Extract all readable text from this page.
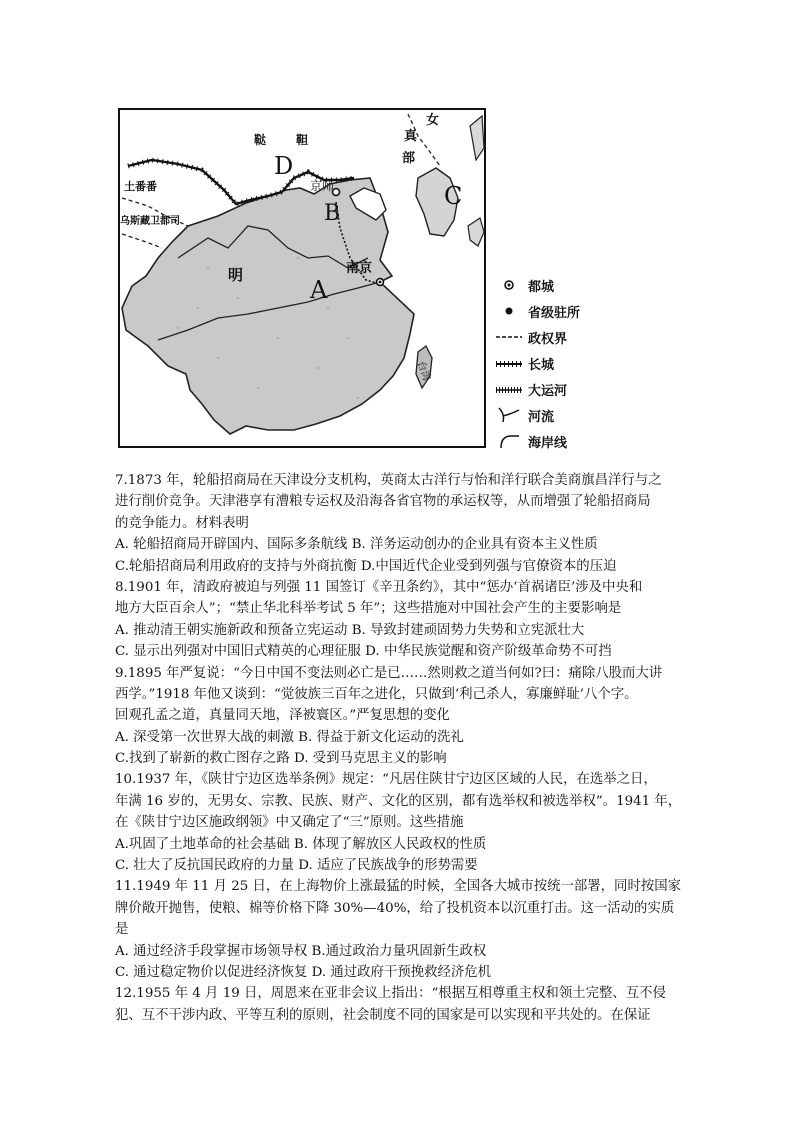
土番番
乌斯藏卫都司
鞑 靼
女
真
部
京师
明	南京
台湾
A
B
C
D
都城
省级驻所
政权界
长城
大运河
河流
海岸线
7.1873 年，轮船招商局在天津设分支机构，英商太古洋行与怡和洋行联合美商旗昌洋行与之
进行削价竞争。天津港享有漕粮专运权及沿海各省官物的承运权等，从而增强了轮船招商局
的竞争能力。材料表明
A. 轮船招商局开辟国内、国际多条航线 B. 洋务运动创办的企业具有资本主义性质
C.轮船招商局利用政府的支持与外商抗衡 D.中国近代企业受到列强与官僚资本的压迫
8.1901 年，清政府被迫与列强 11 国签订《辛丑条约》，其中“惩办‘首祸诸臣’涉及中央和
地方大臣百余人”；“禁止华北科举考试 5 年”；这些措施对中国社会产生的主要影响是
A. 推动清王朝实施新政和预备立宪运动 B. 导致封建顽固势力失势和立宪派壮大
C. 显示出列强对中国旧式精英的心理征服 D. 中华民族觉醒和资产阶级革命势不可挡
9.1895 年严复说：“今日中国不变法则必亡是已……然则救之道当何如?曰：痛除八股而大讲
西学。”1918 年他又谈到：“觉彼族三百年之进化，只做到‘利己杀人，寡廉鲜耻’八个字。
回观孔孟之道，真量同天地，泽被寰区。”严复思想的变化
A. 深受第一次世界大战的刺激 B. 得益于新文化运动的洗礼
C.找到了崭新的救亡图存之路 D. 受到马克思主义的影响
10.1937 年，《陕甘宁边区选举条例》规定：“凡居住陕甘宁边区区域的人民，在选举之日，
年满 16 岁的，无男女、宗教、民族、财产、文化的区别，都有选举权和被选举权”。1941 年，
在《陕甘宁边区施政纲领》中又确定了“三”原则。这些措施
A.巩固了土地革命的社会基础 B. 体现了解放区人民政权的性质
C. 壮大了反抗国民政府的力量 D. 适应了民族战争的形势需要
11.1949 年 11 月 25 日，在上海物价上涨最猛的时候，全国各大城市按统一部署，同时按国家
牌价敞开抛售，使粮、棉等价格下降 30%—40%，给了投机资本以沉重打击。这一活动的实质
是
A. 通过经济手段掌握市场领导权 B.通过政治力量巩固新生政权
C. 通过稳定物价以促进经济恢复 D. 通过政府干预挽救经济危机
12.1955 年 4 月 19 日，周恩来在亚非会议上指出：“根据互相尊重主权和领土完整、互不侵
犯、互不干涉内政、平等互利的原则，社会制度不同的国家是可以实现和平共处的。在保证
